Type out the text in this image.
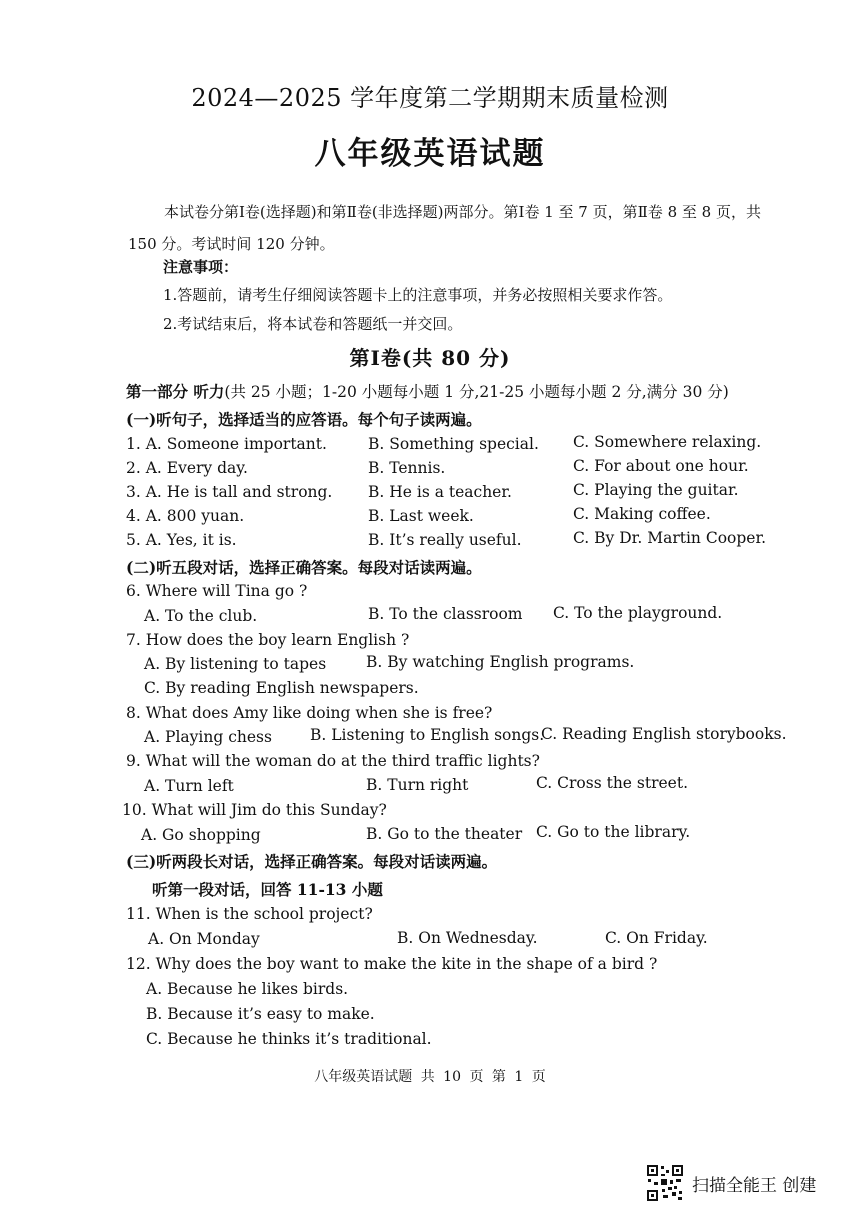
2024—2025 学年度第二学期期末质量检测
八年级英语试题
本试卷分第Ⅰ卷(选择题)和第Ⅱ卷(非选择题)两部分。第Ⅰ卷 1 至 7 页，第Ⅱ卷 8 至 8 页，共 150 分。考试时间 120 分钟。
注意事项：
1.答题前，请考生仔细阅读答题卡上的注意事项，并务必按照相关要求作答。
2.考试结束后，将本试卷和答题纸一并交回。
第Ⅰ卷(共 80 分)
第一部分 听力(共 25 小题；1-20 小题每小题 1 分,21-25 小题每小题 2 分,满分 30 分)
(一)听句子，选择适当的应答语。每个句子读两遍。
1. A. Someone important.	B. Something special. C. Somewhere relaxing.
2. A. Every day.	B. Tennis.	C. For about one hour.
3. A. He is tall and strong. B. He is a teacher.	C. Playing the guitar.
4. A. 800 yuan.	B. Last week.	C. Making coffee.
5. A. Yes, it is.	B. It’s really useful.	C. By Dr. Martin Cooper.
(二)听五段对话，选择正确答案。每段对话读两遍。
6. Where will Tina go ?
A. To the club.	B. To the classroom C. To the playground.
7. How does the boy learn English ?
A. By listening to tapes	B. By watching English programs.
C. By reading English newspapers.
8. What does Amy like doing when she is free?
A. Playing chess B. Listening to English songs.
C. Reading English storybooks.
9. What will the woman do at the third traffic lights?
A. Turn left	B. Turn right	C. Cross the street.
10. What will Jim do this Sunday?
A. Go shopping	B. Go to the theater C. Go to the library.
(三)听两段长对话，选择正确答案。每段对话读两遍。
听第一段对话，回答 11-13 小题
11. When is the school project?
A. On Monday	B. On Wednesday.	C. On Friday.
12. Why does the boy want to make the kite in the shape of a bird ?
A. Because he likes birds.
B. Because it’s easy to make.
C. Because he thinks it’s traditional.
八年级英语试题 共 10 页 第 1 页
扫描全能王 创建
